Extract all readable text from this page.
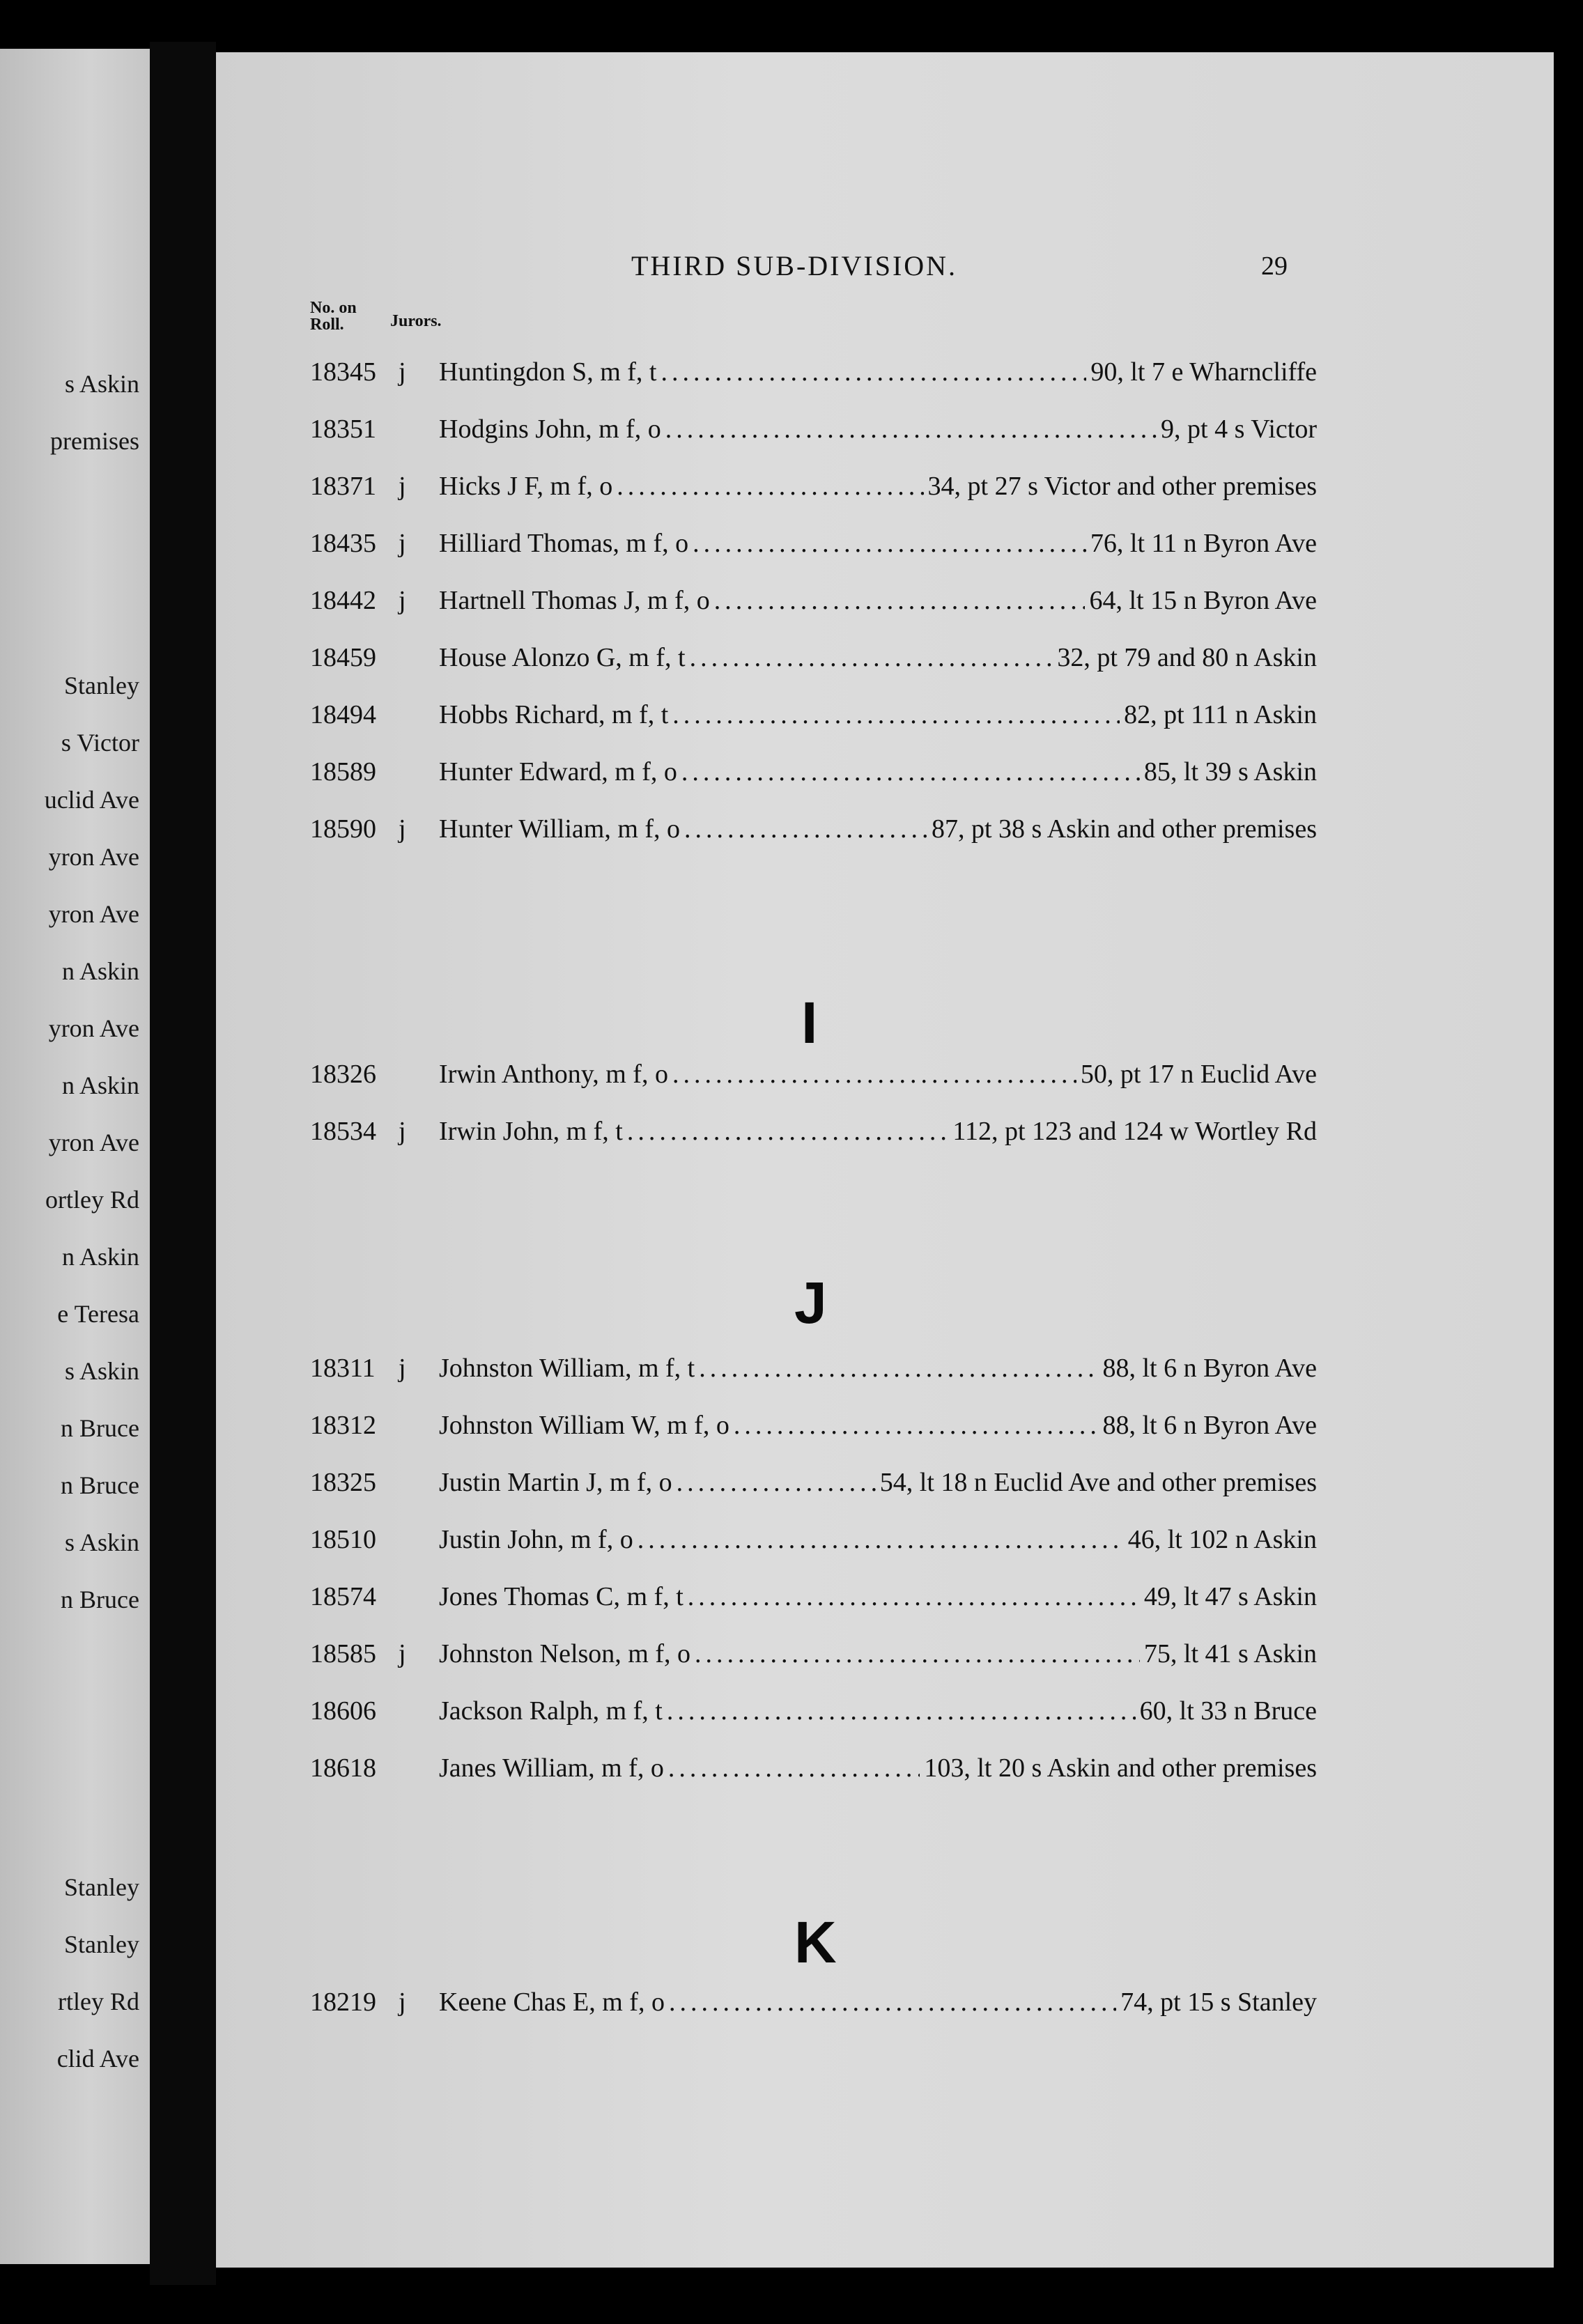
s Askin
premises
Stanley
s Victor
uclid Ave
yron Ave
yron Ave
n Askin
yron Ave
n Askin
yron Ave
ortley Rd
n Askin
e Teresa
s Askin
n Bruce
n Bruce
s Askin
n Bruce
Stanley
Stanley
rtley Rd
clid Ave
THIRD SUB-DIVISION.	29
No. on Roll.	Jurors.
18345 j Huntingdon S, m f, t .....	90, lt 7 e Wharncliffe
18351 Hodgins John, m f, o .....	9, pt 4 s Victor
18371 j Hicks J F, m f, o .....	34, pt 27 s Victor and other premises
18435 j Hilliard Thomas, m f, o .....	76, lt 11 n Byron Ave
18442 j Hartnell Thomas J, m f, o .....	64, lt 15 n Byron Ave
18459 House Alonzo G, m f, t .....	32, pt 79 and 80 n Askin
18494 Hobbs Richard, m f, t .....	82, pt 111 n Askin
18589 Hunter Edward, m f, o .....	85, lt 39 s Askin
18590 j Hunter William, m f, o .....	87, pt 38 s Askin and other premises
I
18326 Irwin Anthony, m f, o .....	50, pt 17 n Euclid Ave
18534 j Irwin John, m f, t .....	112, pt 123 and 124 w Wortley Rd
J
18311 j Johnston William, m f, t .....	88, lt 6 n Byron Ave
18312 Johnston William W, m f, o .....	88, lt 6 n Byron Ave
18325 Justin Martin J, m f, o .....	54, lt 18 n Euclid Ave and other premises
18510 Justin John, m f, o .....	46, lt 102 n Askin
18574 Jones Thomas C, m f, t .....	49, lt 47 s Askin
18585 j Johnston Nelson, m f, o .....	75, lt 41 s Askin
18606 Jackson Ralph, m f, t .....	60, lt 33 n Bruce
18618 Janes William, m f, o .....	103, lt 20 s Askin and other premises
K
18219 j Keene Chas E, m f, o .....	74, pt 15 s Stanley
